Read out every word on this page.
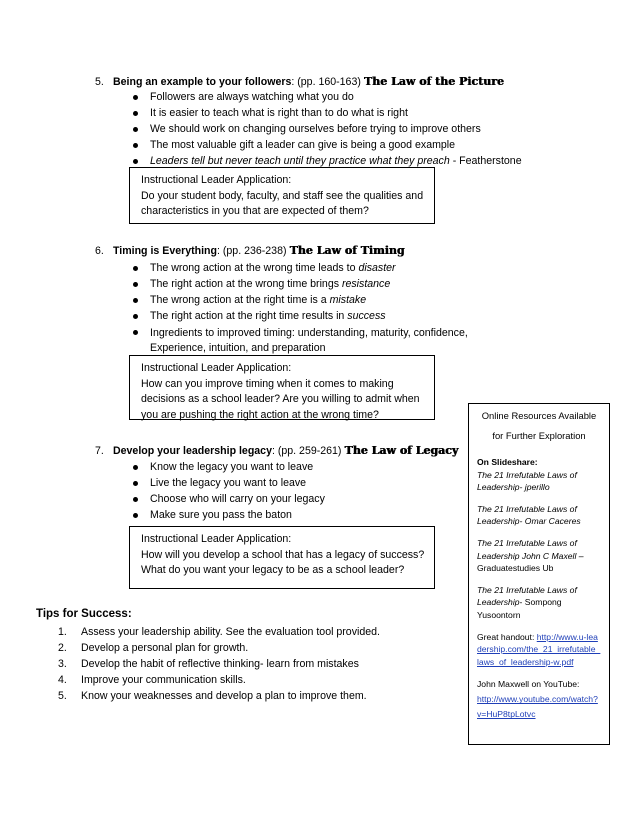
5. Being an example to your followers: (pp. 160-163) The Law of the Picture
Followers are always watching what you do
It is easier to teach what is right than to do what is right
We should work on changing ourselves before trying to improve others
The most valuable gift a leader can give is being a good example
Leaders tell but never teach until they practice what they preach - Featherstone
Instructional Leader Application:
Do your student body, faculty, and staff see the qualities and characteristics in you that are expected of them?
6. Timing is Everything: (pp. 236-238) The Law of Timing
The wrong action at the wrong time leads to disaster
The right action at the wrong time brings resistance
The wrong action at the right time is a mistake
The right action at the right time results in success
Ingredients to improved timing: understanding, maturity, confidence, Experience, intuition, and preparation
Instructional Leader Application:
How can you improve timing when it comes to making decisions as a school leader? Are you willing to admit when you are pushing the right action at the wrong time?
7. Develop your leadership legacy: (pp. 259-261) The Law of Legacy
Know the legacy you want to leave
Live the legacy you want to leave
Choose who will carry on your legacy
Make sure you pass the baton
Instructional Leader Application:
How will you develop a school that has a legacy of success? What do you want your legacy to be as a school leader?
Tips for Success:
1. Assess your leadership ability. See the evaluation tool provided.
2. Develop a personal plan for growth.
3. Develop the habit of reflective thinking- learn from mistakes
4. Improve your communication skills.
5. Know your weaknesses and develop a plan to improve them.
Online Resources Available for Further Exploration
On Slideshare:
The 21 Irrefutable Laws of Leadership- jperillo
The 21 Irrefutable Laws of Leadership- Omar Caceres
The 21 Irrefutable Laws of Leadership John C Maxell – Graduatestudies Ub
The 21 Irrefutable Laws of Leadership- Sompong Yusoontorn
Great handout: http://www.u-leadership.com/the_21_irrefutable_laws_of_leadership-w.pdf
John Maxwell on YouTube:
http://www.youtube.com/watch?v=HuP8tpLotvc
